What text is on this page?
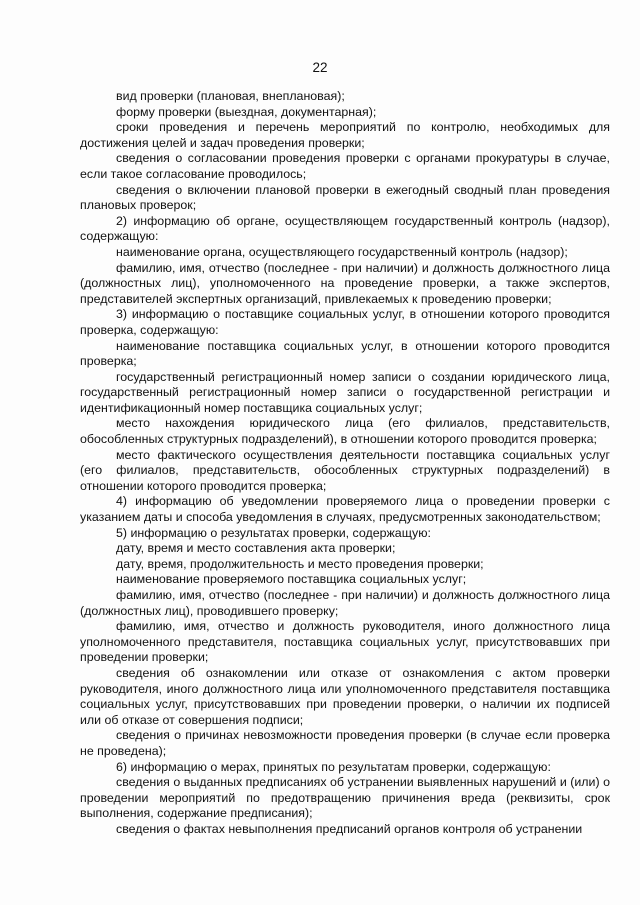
22

вид проверки (плановая, внеплановая);

форму проверки (выездная, документарная);

сроки проведения и перечень мероприятий по контролю, необходимых для достижения целей и задач проведения проверки;

сведения о согласовании проведения проверки с органами прокуратуры в случае, если такое согласование проводилось;

сведения о включении плановой проверки в ежегодный сводный план проведения плановых проверок;

2) информацию об органе, осуществляющем государственный контроль (надзор), содержащую:

наименование органа, осуществляющего государственный контроль (надзор);

фамилию, имя, отчество (последнее - при наличии) и должность должностного лица (должностных лиц), уполномоченного на проведение проверки, а также экспертов, представителей экспертных организаций, привлекаемых к проведению проверки;

3) информацию о поставщике социальных услуг, в отношении которого проводится проверка, содержащую:

наименование поставщика социальных услуг, в отношении которого проводится проверка;

государственный регистрационный номер записи о создании юридического лица, государственный регистрационный номер записи о государственной регистрации и идентификационный номер поставщика социальных услуг;

место нахождения юридического лица (его филиалов, представительств, обособленных структурных подразделений), в отношении которого проводится проверка;

место фактического осуществления деятельности поставщика социальных услуг (его филиалов, представительств, обособленных структурных подразделений) в отношении которого проводится проверка;

4) информацию об уведомлении проверяемого лица о проведении проверки с указанием даты и способа уведомления в случаях, предусмотренных законодательством;

5) информацию о результатах проверки, содержащую:

дату, время и место составления акта проверки;

дату, время, продолжительность и место проведения проверки;

наименование проверяемого поставщика социальных услуг;

фамилию, имя, отчество (последнее - при наличии) и должность должностного лица (должностных лиц), проводившего проверку;

фамилию, имя, отчество и должность руководителя, иного должностного лица уполномоченного представителя, поставщика социальных услуг, присутствовавших при проведении проверки;

сведения об ознакомлении или отказе от ознакомления с актом проверки руководителя, иного должностного лица или уполномоченного представителя поставщика социальных услуг, присутствовавших при проведении проверки, о наличии их подписей или об отказе от совершения подписи;

сведения о причинах невозможности проведения проверки (в случае если проверка не проведена);

6) информацию о мерах, принятых по результатам проверки, содержащую:

сведения о выданных предписаниях об устранении выявленных нарушений и (или) о проведении мероприятий по предотвращению причинения вреда (реквизиты, срок выполнения, содержание предписания);

сведения о фактах невыполнения предписаний органов контроля об устранении
